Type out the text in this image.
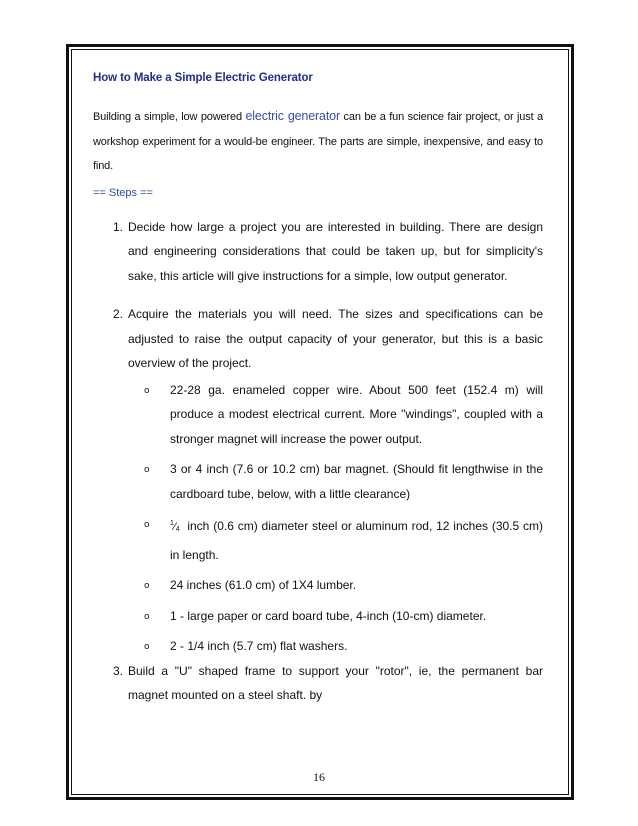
How to Make a Simple Electric Generator

Building a simple, low powered electric generator can be a fun science fair project, or just a workshop experiment for a would-be engineer. The parts are simple, inexpensive, and easy to find.

== Steps ==
1. Decide how large a project you are interested in building. There are design and engineering considerations that could be taken up, but for simplicity's sake, this article will give instructions for a simple, low output generator.
2. Acquire the materials you will need. The sizes and specifications can be adjusted to raise the output capacity of your generator, but this is a basic overview of the project.
o 22-28 ga. enameled copper wire. About 500 feet (152.4 m) will produce a modest electrical current. More "windings", coupled with a stronger magnet will increase the power output.
o 3 or 4 inch (7.6 or 10.2 cm) bar magnet. (Should fit lengthwise in the cardboard tube, below, with a little clearance)
o	$^1⁄_4$ inch (0.6 cm) diameter steel or aluminum rod, 12 inches (30.5 cm) in length.
o 24 inches (61.0 cm) of 1X4 lumber.
o 1 - large paper or card board tube, 4-inch (10-cm) diameter.
o 2 - 1/4 inch (5.7 cm) flat washers.
3. Build a "U" shaped frame to support your "rotor", ie, the permanent bar magnet mounted on a steel shaft. by
16
